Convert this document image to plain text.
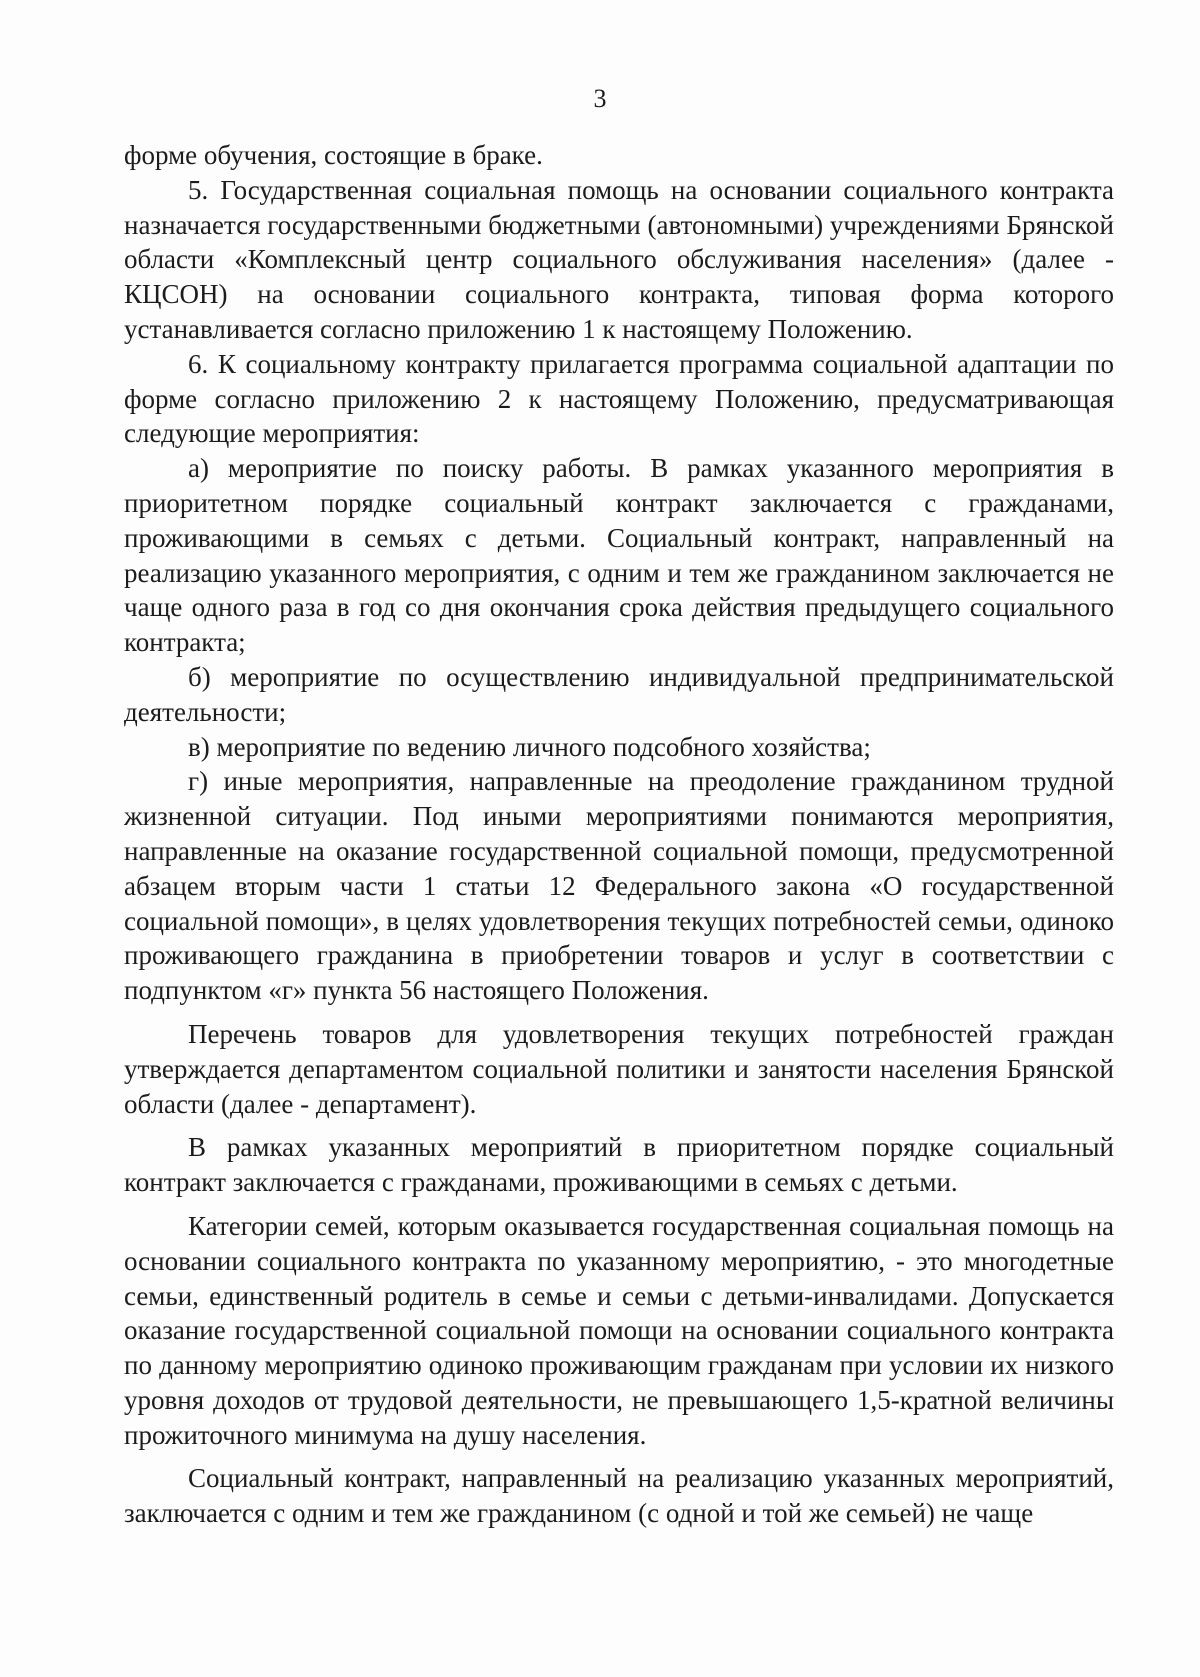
3

форме обучения, состоящие в браке.

5. Государственная социальная помощь на основании социального контракта назначается государственными бюджетными (автономными) учреждениями Брянской области «Комплексный центр социального обслуживания населения» (далее - КЦСОН) на основании социального контракта, типовая форма которого устанавливается согласно приложению 1 к настоящему Положению.

6. К социальному контракту прилагается программа социальной адаптации по форме согласно приложению 2 к настоящему Положению, предусматривающая следующие мероприятия:

а) мероприятие по поиску работы. В рамках указанного мероприятия в приоритетном порядке социальный контракт заключается с гражданами, проживающими в семьях с детьми. Социальный контракт, направленный на реализацию указанного мероприятия, с одним и тем же гражданином заключается не чаще одного раза в год со дня окончания срока действия предыдущего социального контракта;

б) мероприятие по осуществлению индивидуальной предпринимательской деятельности;

в) мероприятие по ведению личного подсобного хозяйства;

г) иные мероприятия, направленные на преодоление гражданином трудной жизненной ситуации. Под иными мероприятиями понимаются мероприятия, направленные на оказание государственной социальной помощи, предусмотренной абзацем вторым части 1 статьи 12 Федерального закона «О государственной социальной помощи», в целях удовлетворения текущих потребностей семьи, одиноко проживающего гражданина в приобретении товаров и услуг в соответствии с подпунктом «г» пункта 56 настоящего Положения.

Перечень товаров для удовлетворения текущих потребностей граждан утверждается департаментом социальной политики и занятости населения Брянской области (далее - департамент).

В рамках указанных мероприятий в приоритетном порядке социальный контракт заключается с гражданами, проживающими в семьях с детьми.

Категории семей, которым оказывается государственная социальная помощь на основании социального контракта по указанному мероприятию, - это многодетные семьи, единственный родитель в семье и семьи с детьми-инвалидами. Допускается оказание государственной социальной помощи на основании социального контракта по данному мероприятию одиноко проживающим гражданам при условии их низкого уровня доходов от трудовой деятельности, не превышающего 1,5-кратной величины прожиточного минимума на душу населения.

Социальный контракт, направленный на реализацию указанных мероприятий, заключается с одним и тем же гражданином (с одной и той же семьей) не чаще
